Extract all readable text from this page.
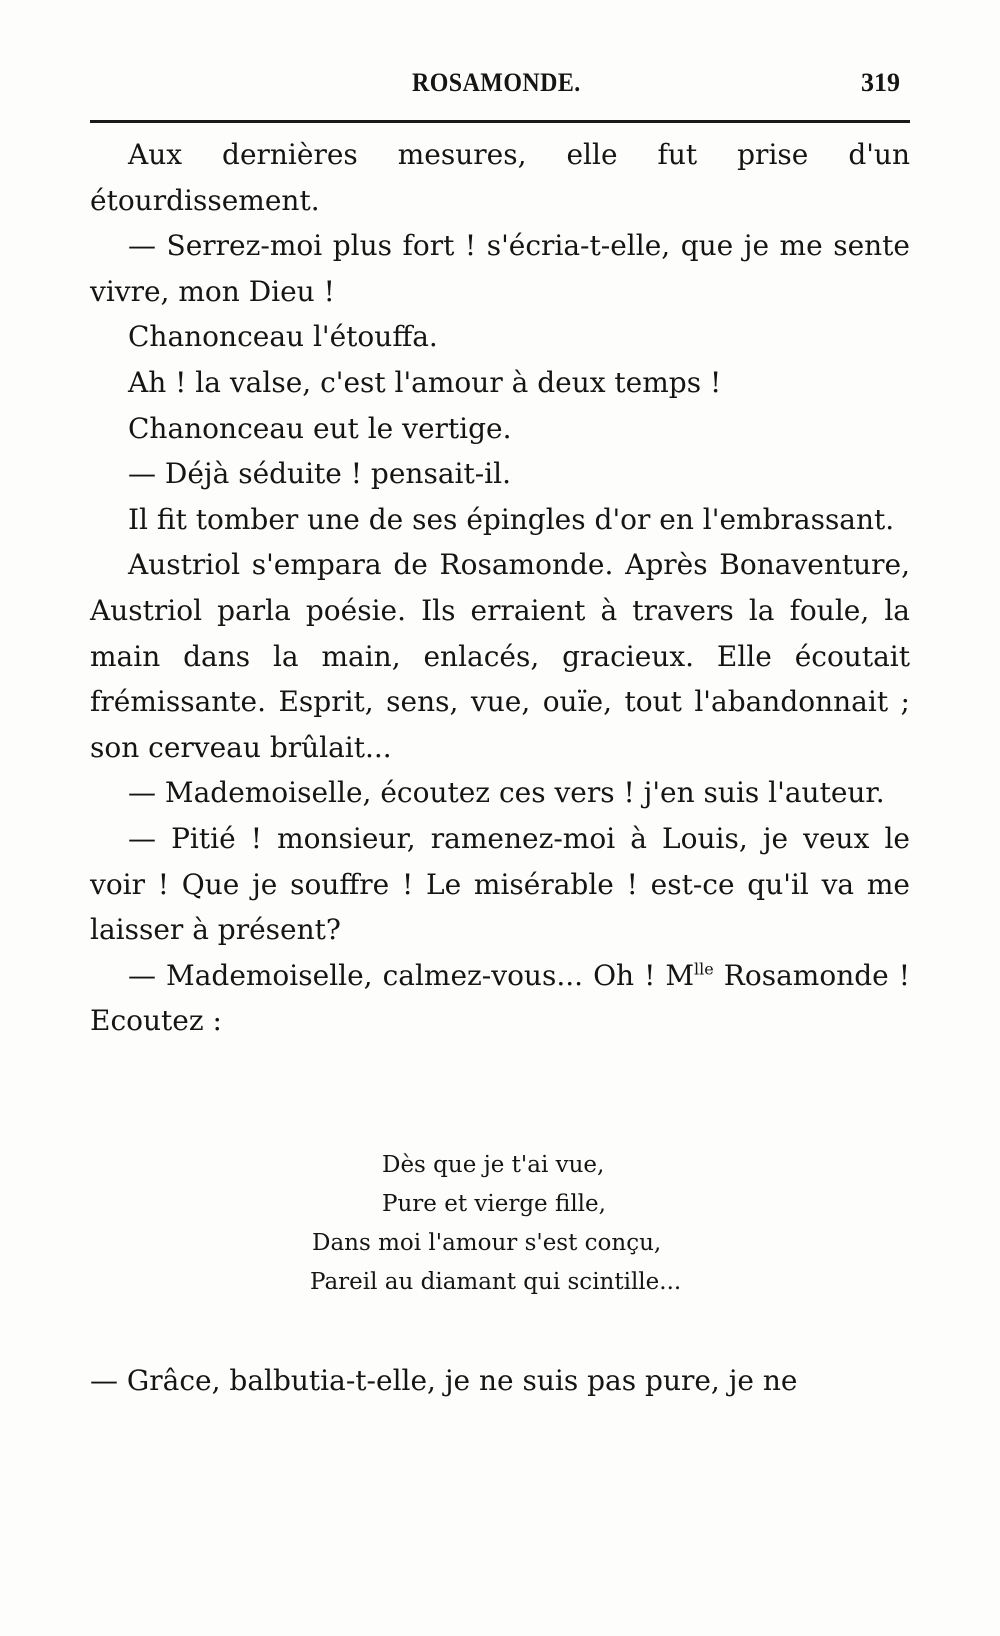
ROSAMONDE.	319

Aux dernières mesures, elle fut prise d'un étourdissement.

— Serrez-moi plus fort ! s'écria-t-elle, que je me sente vivre, mon Dieu !

Chanonceau l'étouffa.

Ah ! la valse, c'est l'amour à deux temps !

Chanonceau eut le vertige.

— Déjà séduite ! pensait-il.

Il fit tomber une de ses épingles d'or en l'embrassant.

Austriol s'empara de Rosamonde. Après Bonaventure, Austriol parla poésie. Ils erraient à travers la foule, la main dans la main, enlacés, gracieux. Elle écoutait frémissante. Esprit, sens, vue, ouïe, tout l'abandonnait ; son cerveau brûlait...

— Mademoiselle, écoutez ces vers ! j'en suis l'auteur.

— Pitié ! monsieur, ramenez-moi à Louis, je veux le voir ! Que je souffre ! Le misérable ! est-ce qu'il va me laisser à présent?

— Mademoiselle, calmez-vous... Oh ! $M^{lle}$ Rosamonde ! Ecoutez :

Dès que je t'ai vue,
Pure et vierge fille,
Dans moi l'amour s'est conçu,
Pareil au diamant qui scintille...
— Grâce, balbutia-t-elle, je ne suis pas pure, je ne
